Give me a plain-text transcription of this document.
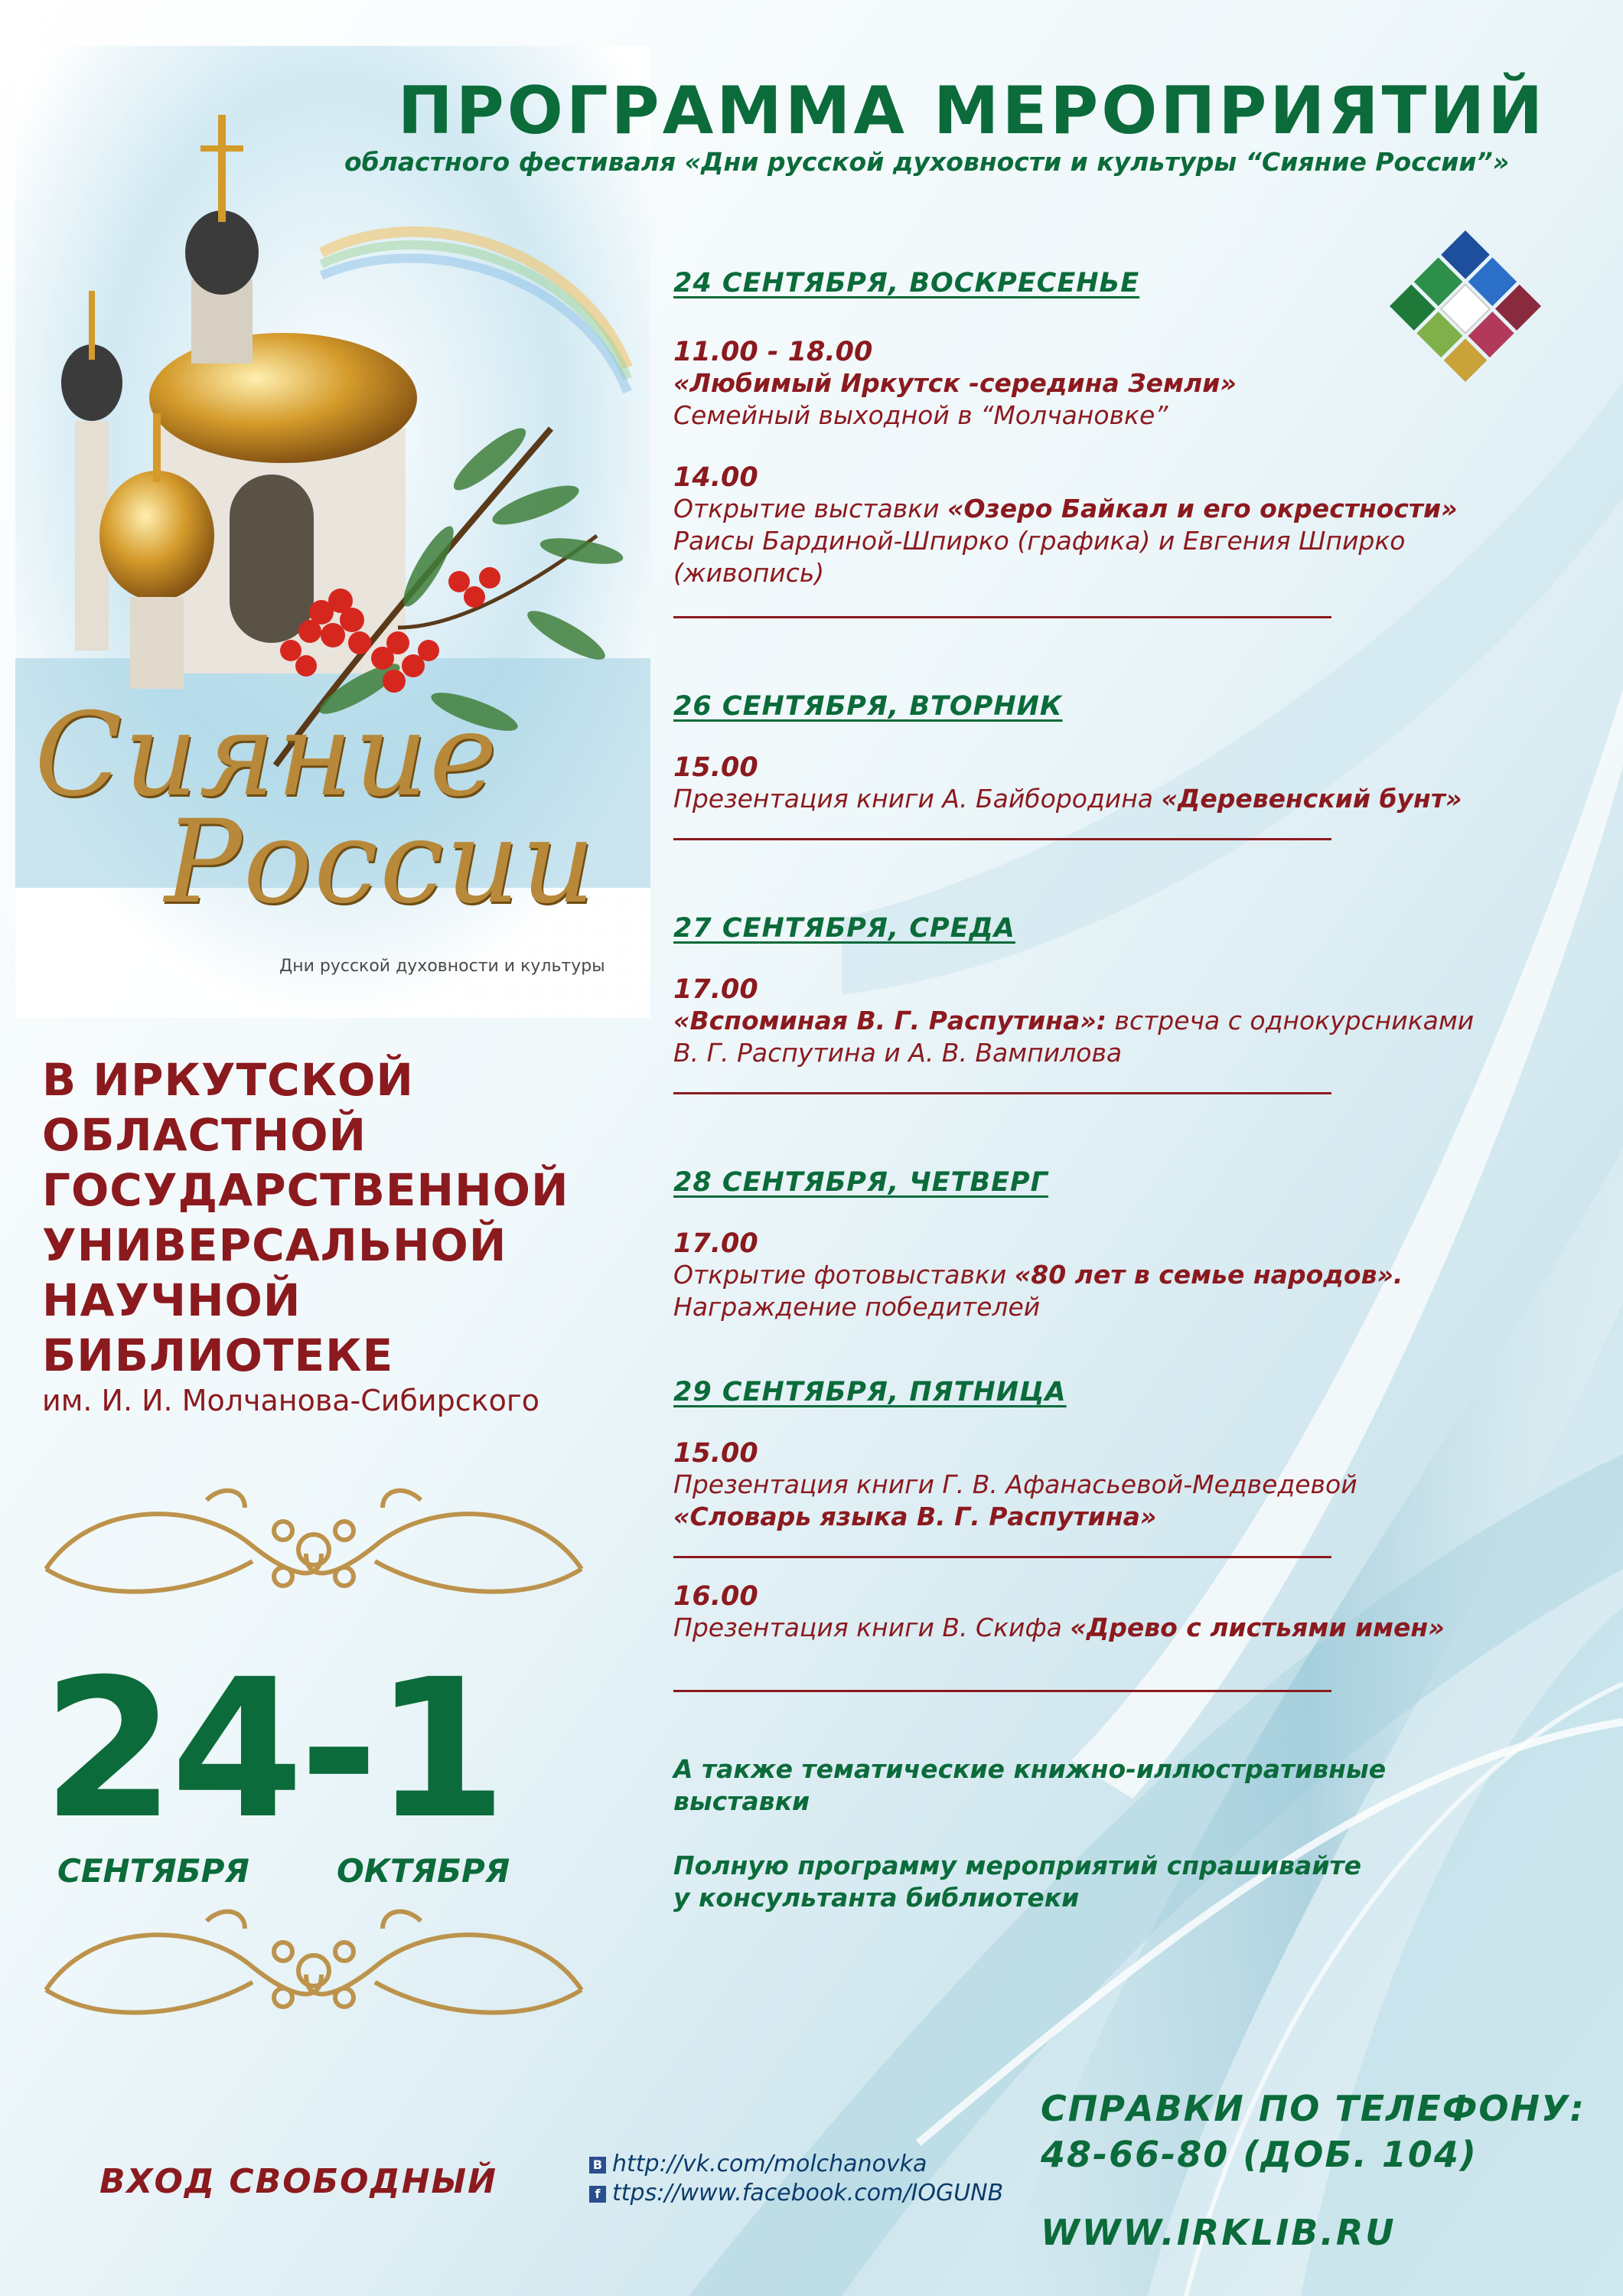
Сияние
России
Дни русской духовности и культуры
ПРОГРАММА МЕРОПРИЯТИЙ
областного фестиваля «Дни русской духовности и культуры “Сияние России”»
24 СЕНТЯБРЯ, ВОСКРЕСЕНЬЕ
11.00 - 18.00
«Любимый Иркутск -середина Земли»
Семейный выходной в “Молчановке”
14.00
Открытие выставки «Озеро Байкал и его окрестности»
Раисы Бардиной-Шпирко (графика) и Евгения Шпирко
(живопись)
26 СЕНТЯБРЯ, ВТОРНИК
15.00
Презентация книги А. Байбородина «Деревенский бунт»
27 СЕНТЯБРЯ, СРЕДА
17.00
«Вспоминая В. Г. Распутина»: встреча с однокурсниками
В. Г. Распутина и А. В. Вампилова
28 СЕНТЯБРЯ, ЧЕТВЕРГ
17.00
Открытие фотовыставки «80 лет в семье народов».
Награждение победителей
29 СЕНТЯБРЯ, ПЯТНИЦА
15.00
Презентация книги Г. В. Афанасьевой-Медведевой
«Словарь языка В. Г. Распутина»
16.00
Презентация книги В. Скифа «Древо с листьями имен»
А также тематические книжно-иллюстративные
выставки
Полную программу мероприятий спрашивайте
у консультанта библиотеки
В ИРКУТСКОЙ
ОБЛАСТНОЙ
ГОСУДАРСТВЕННОЙ
УНИВЕРСАЛЬНОЙ
НАУЧНОЙ
БИБЛИОТЕКЕ
им. И. И. Молчанова-Сибирского
24-1
СЕНТЯБРЯ	ОКТЯБРЯ
ВХОД СВОБОДНЫЙ	В http://vk.com/molchanovka
f ttps://www.facebook.com/IOGUNB
СПРАВКИ ПО ТЕЛЕФОНУ:
48-66-80 (ДОБ. 104)
WWW.IRKLIB.RU
